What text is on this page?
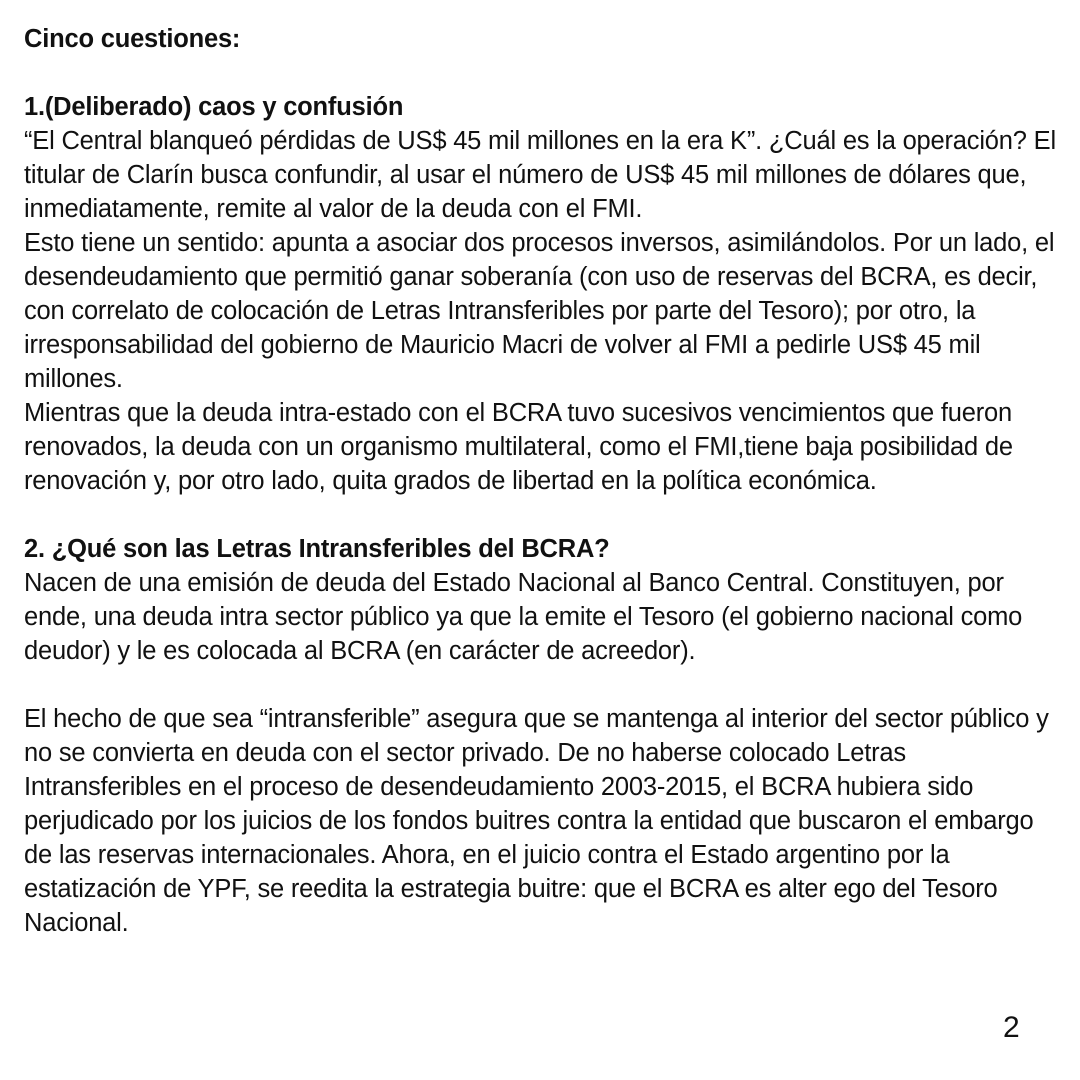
Cinco cuestiones:
1.(Deliberado) caos y confusión

“El Central blanqueó pérdidas de US$ 45 mil millones en la era K”. ¿Cuál es la operación? El titular de Clarín busca confundir, al usar el número de US$ 45 mil millones de dólares que, inmediatamente, remite al valor de la deuda con el FMI.

Esto tiene un sentido: apunta a asociar dos procesos inversos, asimilándolos. Por un lado, el desendeudamiento que permitió ganar soberanía (con uso de reservas del BCRA, es decir, con correlato de colocación de Letras Intransferibles por parte del Tesoro); por otro, la irresponsabilidad del gobierno de Mauricio Macri de volver al FMI a pedirle US$ 45 mil millones.

Mientras que la deuda intra-estado con el BCRA tuvo sucesivos vencimientos que fueron renovados, la deuda con un organismo multilateral, como el FMI,tiene baja posibilidad de renovación y, por otro lado, quita grados de libertad en la política económica.

2. ¿Qué son las Letras Intransferibles del BCRA?

Nacen de una emisión de deuda del Estado Nacional al Banco Central. Constituyen, por ende, una deuda intra sector público ya que la emite el Tesoro (el gobierno nacional como deudor) y le es colocada al BCRA (en carácter de acreedor).

El hecho de que sea “intransferible” asegura que se mantenga al interior del sector público y no se convierta en deuda con el sector privado. De no haberse colocado Letras Intransferibles en el proceso de desendeudamiento 2003-2015, el BCRA hubiera sido perjudicado por los juicios de los fondos buitres contra la entidad que buscaron el embargo de las reservas internacionales. Ahora, en el juicio contra el Estado argentino por la estatización de YPF, se reedita la estrategia buitre: que el BCRA es alter ego del Tesoro Nacional.

2
